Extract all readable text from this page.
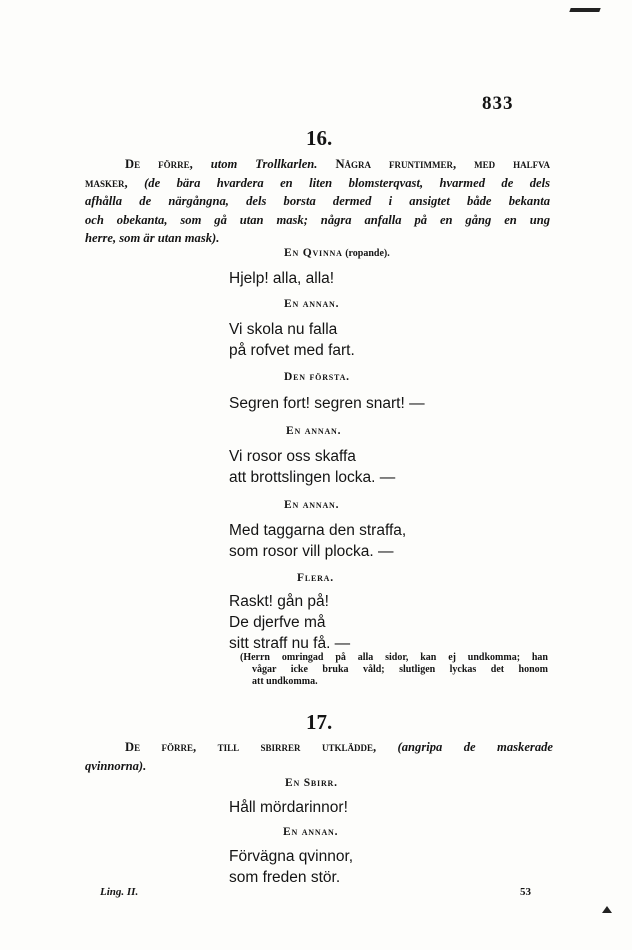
833
16.
De förre, utom Trollkarlen. Några fruntimmer, med halfva
masker, (de bära hvardera en liten blomsterqvast, hvarmed de dels
afhålla de närgångna, dels borsta dermed i ansigtet både bekanta
och obekanta, som gå utan mask; några anfalla på en gång en ung
herre, som är utan mask).
En Qvinna (ropande).
Hjelp! alla, alla!
En annan.
Vi skola nu falla
på rofvet med fart.
Den första.
Segren fort! segren snart! —
En annan.
Vi rosor oss skaffa
att brottslingen locka. —
En annan.
Med taggarna den straffa,
som rosor vill plocka. —
Flera.
Raskt! gån på!
De djerfve må
sitt straff nu få. —
(Herrn omringad på alla sidor, kan ej undkomma; han
vågar icke bruka våld; slutligen lyckas det honom
att undkomma.
17.
De förre, till sbirrer utklädde, (angripa de maskerade
qvinnorna).
En Sbirr.
Håll mördarinnor!
En annan.
Förvägna qvinnor,
som freden stör.
Ling. II.	53
